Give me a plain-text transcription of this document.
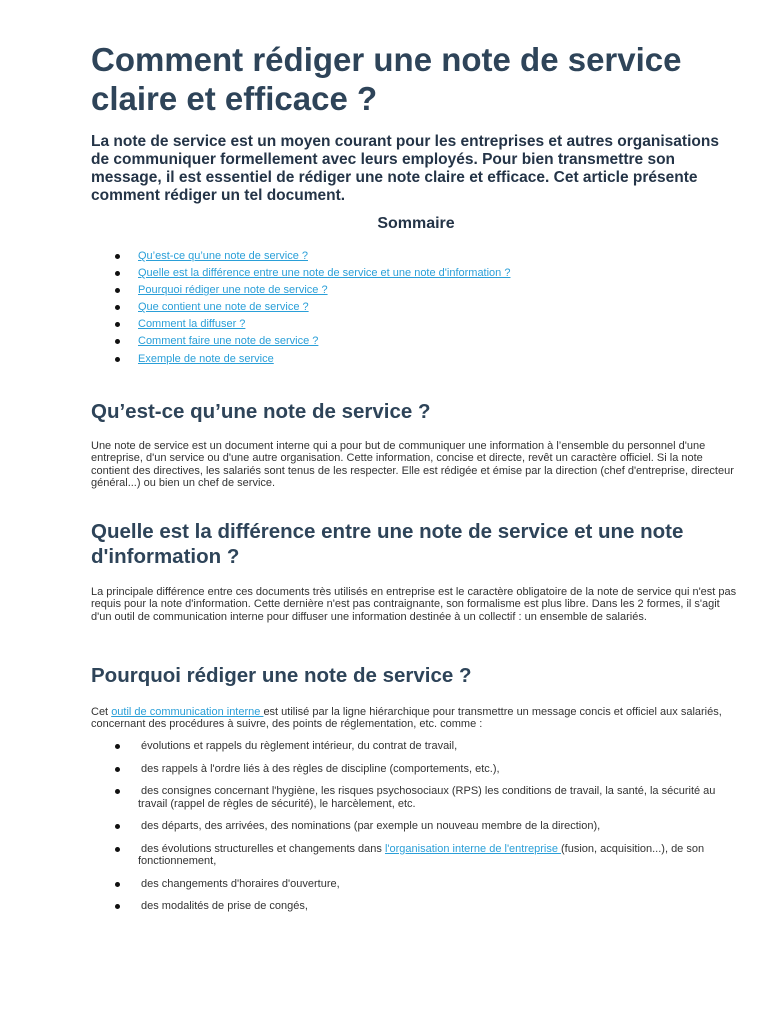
Comment rédiger une note de service claire et efficace ?

La note de service est un moyen courant pour les entreprises et autres organisations de communiquer formellement avec leurs employés. Pour bien transmettre son message, il est essentiel de rédiger une note claire et efficace. Cet article présente comment rédiger un tel document.

Sommaire

Qu’est-ce qu’une note de service ?
Quelle est la différence entre une note de service et une note d'information ?
Pourquoi rédiger une note de service ?
Que contient une note de service ?
Comment la diffuser ?
Comment faire une note de service ?
Exemple de note de service
Qu’est-ce qu’une note de service ?

Une note de service est un document interne qui a pour but de communiquer une information à l’ensemble du personnel d'une entreprise, d'un service ou d'une autre organisation. Cette information, concise et directe, revêt un caractère officiel. Si la note contient des directives, les salariés sont tenus de les respecter. Elle est rédigée et émise par la direction (chef d'entreprise, directeur général...) ou bien un chef de service.

Quelle est la différence entre une note de service et une note d'information ?

La principale différence entre ces documents très utilisés en entreprise est le caractère obligatoire de la note de service qui n'est pas requis pour la note d'information. Cette dernière n'est pas contraignante, son formalisme est plus libre. Dans les 2 formes, il s'agit d'un outil de communication interne pour diffuser une information destinée à un collectif : un ensemble de salariés.

Pourquoi rédiger une note de service ?

Cet outil de communication interne est utilisé par la ligne hiérarchique pour transmettre un message concis et officiel aux salariés, concernant des procédures à suivre, des points de réglementation, etc. comme :

évolutions et rappels du règlement intérieur, du contrat de travail,
des rappels à l'ordre liés à des règles de discipline (comportements, etc.),
des consignes concernant l'hygiène, les risques psychosociaux (RPS) les conditions de travail, la santé, la sécurité au travail (rappel de règles de sécurité), le harcèlement, etc.
des départs, des arrivées, des nominations (par exemple un nouveau membre de la direction),
des évolutions structurelles et changements dans l'organisation interne de l'entreprise (fusion, acquisition...), de son fonctionnement,
des changements d'horaires d'ouverture,
des modalités de prise de congés,
